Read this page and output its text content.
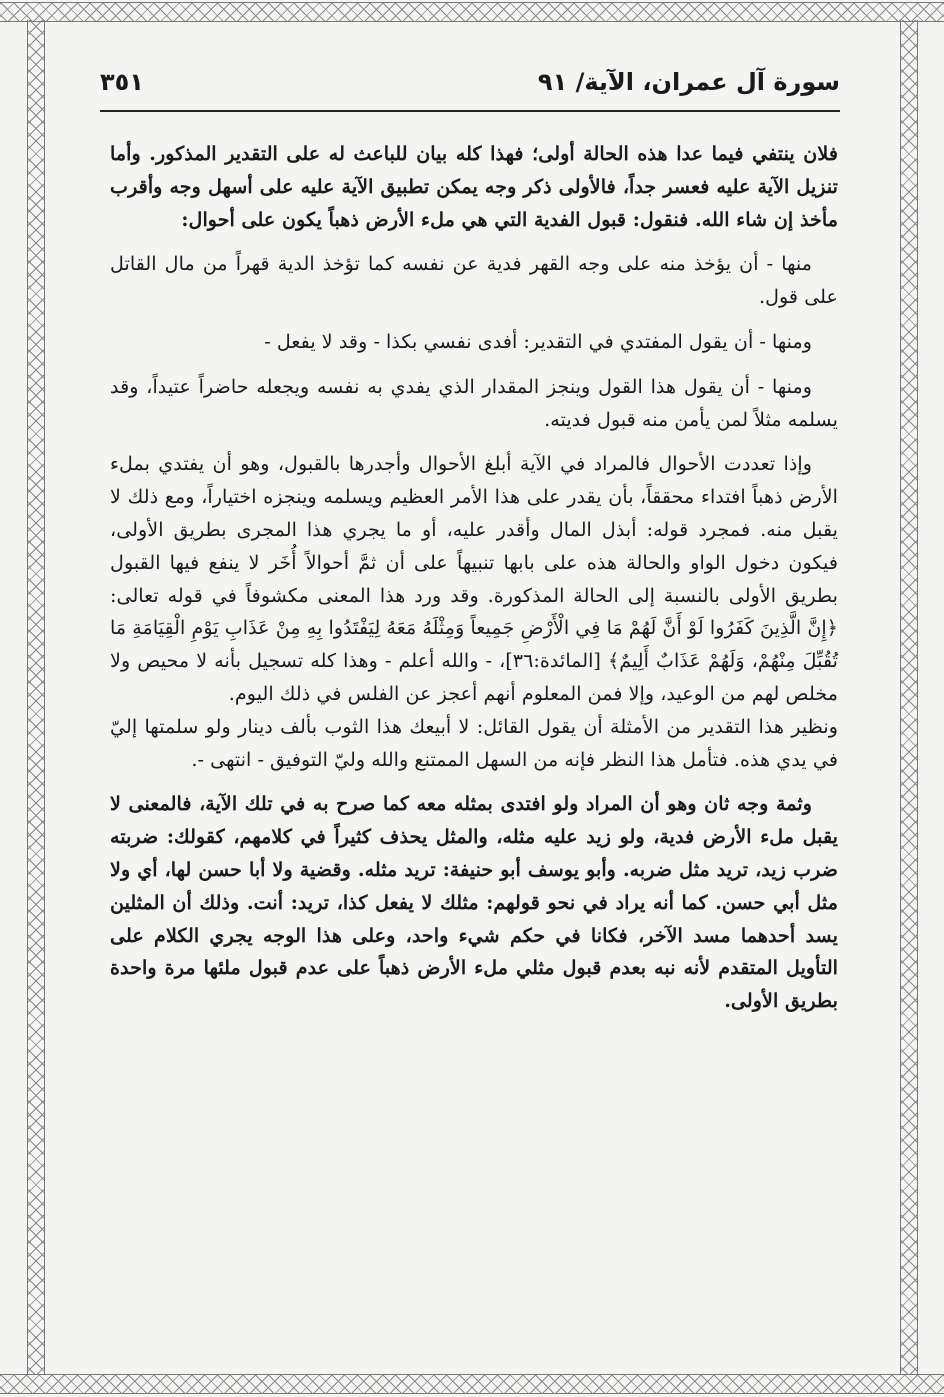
سورة آل عمران، الآية/ ٩١
٣٥١

فلان ينتفي فيما عدا هذه الحالة أولى؛ فهذا كله بيان للباعث له على التقدير المذكور. وأما تنزيل الآية عليه فعسر جداً، فالأولى ذكر وجه يمكن تطبيق الآية عليه على أسهل وجه وأقرب مأخذ إن شاء الله. فنقول: قبول الفدية التي هي ملء الأرض ذهباً يكون على أحوال:

منها - أن يؤخذ منه على وجه القهر فدية عن نفسه كما تؤخذ الدية قهراً من مال القاتل على قول.

ومنها - أن يقول المفتدي في التقدير: أفدى نفسي بكذا - وقد لا يفعل -

ومنها - أن يقول هذا القول وينجز المقدار الذي يفدي به نفسه ويجعله حاضراً عتيداً، وقد يسلمه مثلاً لمن يأمن منه قبول فديته.

وإذا تعددت الأحوال فالمراد في الآية أبلغ الأحوال وأجدرها بالقبول، وهو أن يفتدي بملء الأرض ذهباً افتداء محققاً، بأن يقدر على هذا الأمر العظيم ويسلمه وينجزه اختياراً، ومع ذلك لا يقبل منه. فمجرد قوله: أبذل المال وأقدر عليه، أو ما يجري هذا المجرى بطريق الأولى، فيكون دخول الواو والحالة هذه على بابها تنبيهاً على أن ثمَّ أحوالاً أُخَر لا ينفع فيها القبول بطريق الأولى بالنسبة إلى الحالة المذكورة. وقد ورد هذا المعنى مكشوفاً في قوله تعالى: ﴿إِنَّ الَّذِينَ كَفَرُوا لَوْ أَنَّ لَهُمْ مَا فِي الْأَرْضِ جَمِيعاً وَمِثْلَهُ مَعَهُ لِيَفْتَدُوا بِهِ مِنْ عَذَابِ يَوْمِ الْقِيَامَةِ مَا تُقُبِّلَ مِنْهُمْ، وَلَهُمْ عَذَابٌ أَلِيمٌ﴾ [المائدة:٣٦]، - والله أعلم - وهذا كله تسجيل بأنه لا محيص ولا مخلص لهم من الوعيد، وإلا فمن المعلوم أنهم أعجز عن الفلس في ذلك اليوم.

ونظير هذا التقدير من الأمثلة أن يقول القائل: لا أبيعك هذا الثوب بألف دينار ولو سلمتها إليّ في يدي هذه. فتأمل هذا النظر فإنه من السهل الممتنع والله وليّ التوفيق - انتهى -.

وثمة وجه ثان وهو أن المراد ولو افتدى بمثله معه كما صرح به في تلك الآية، فالمعنى لا يقبل ملء الأرض فدية، ولو زيد عليه مثله، والمثل يحذف كثيراً في كلامهم، كقولك: ضربته ضرب زيد، تريد مثل ضربه. وأبو يوسف أبو حنيفة: تريد مثله. وقضية ولا أبا حسن لها، أي ولا مثل أبي حسن. كما أنه يراد في نحو قولهم: مثلك لا يفعل كذا، تريد: أنت. وذلك أن المثلين يسد أحدهما مسد الآخر، فكانا في حكم شيء واحد، وعلى هذا الوجه يجري الكلام على التأويل المتقدم لأنه نبه بعدم قبول مثلي ملء الأرض ذهباً على عدم قبول ملئها مرة واحدة بطريق الأولى.
